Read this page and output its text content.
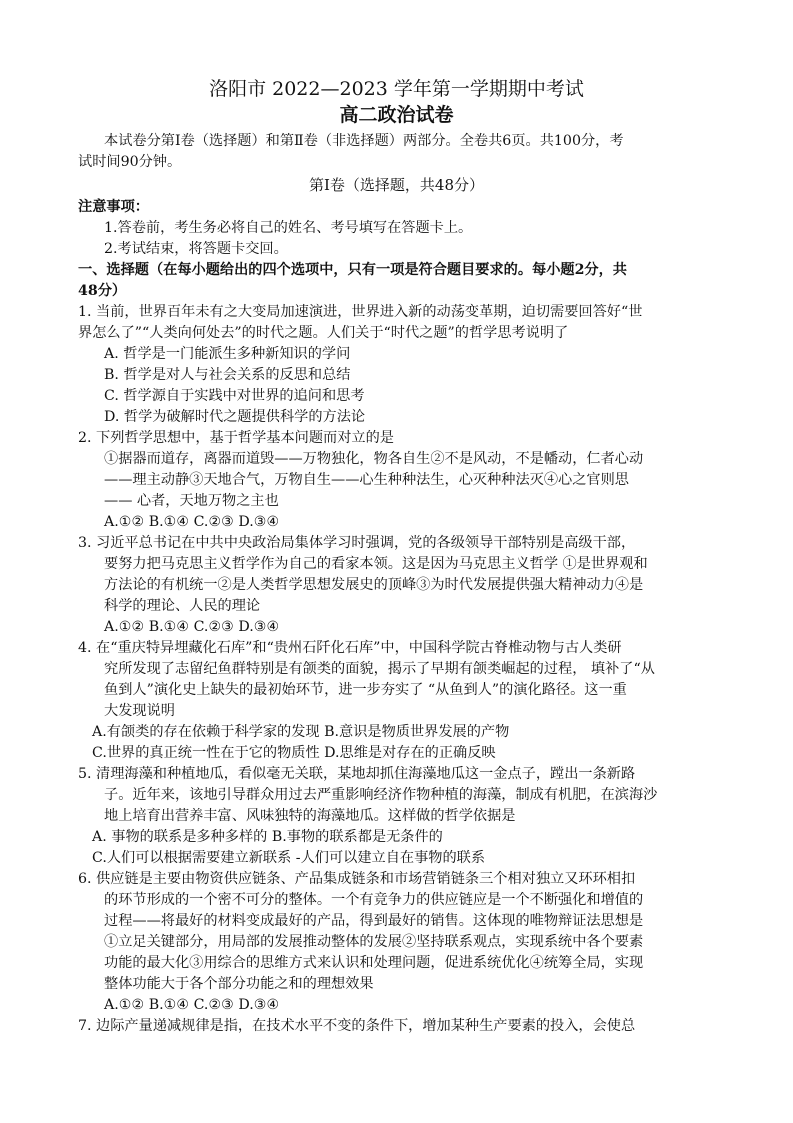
洛阳市 2022—2023 学年第一学期期中考试
高二政治试卷
本试卷分第Ⅰ卷（选择题）和第Ⅱ卷（非选择题）两部分。全卷共6页。共100分，考
试时间90分钟。
第Ⅰ卷（选择题，共48分）
注意事项：
1.答卷前，考生务必将自己的姓名、考号填写在答题卡上。
2.考试结束，将答题卡交回。
一、选择题（在每小题给出的四个选项中，只有一项是符合题目要求的。每小题2分，共
48分）
1. 当前，世界百年未有之大变局加速演进，世界进入新的动荡变革期，迫切需要回答好“世
界怎么了”“人类向何处去”的时代之题。人们关于“时代之题”的哲学思考说明了
A. 哲学是一门能派生多种新知识的学问
B. 哲学是对人与社会关系的反思和总结
C. 哲学源自于实践中对世界的追问和思考
D. 哲学为破解时代之题提供科学的方法论
2. 下列哲学思想中，基于哲学基本问题而对立的是
①据器而道存，离器而道毁——万物独化，物各自生②不是风动，不是幡动，仁者心动
——理主动静③天地合气，万物自生——心生种种法生，心灭种种法灭④心之官则思
—— 心者，天地万物之主也
A.①② B.①④ C.②③ D.③④
3. 习近平总书记在中共中央政治局集体学习时强调，党的各级领导干部特别是高级干部，
要努力把马克思主义哲学作为自己的看家本领。这是因为马克思主义哲学 ①是世界观和
方法论的有机统一②是人类哲学思想发展史的顶峰③为时代发展提供强大精神动力④是
科学的理论、人民的理论
A.①② B.①④ C.②③ D.③④
4. 在“重庆特异埋藏化石库”和“贵州石阡化石库”中，中国科学院古脊椎动物与古人类研
究所发现了志留纪鱼群特别是有颌类的面貌，揭示了早期有颌类崛起的过程， 填补了“从
鱼到人”演化史上缺失的最初始环节，进一步夯实了 “从鱼到人”的演化路径。这一重
大发现说明
A.有颌类的存在依赖于科学家的发现 B.意识是物质世界发展的产物
C.世界的真正统一性在于它的物质性 D.思维是对存在的正确反映
5. 清理海藻和种植地瓜，看似毫无关联，某地却抓住海藻地瓜这一金点子，蹚出一条新路
子。近年来，该地引导群众用过去严重影响经济作物种植的海藻，制成有机肥，在滨海沙
地上培育出营养丰富、风味独特的海藻地瓜。这样做的哲学依据是
A. 事物的联系是多种多样的 B.事物的联系都是无条件的
C.人们可以根据需要建立新联系 -人们可以建立自在事物的联系
6. 供应链是主要由物资供应链条、产品集成链条和市场营销链条三个相对独立又环环相扣
的环节形成的一个密不可分的整体。一个有竞争力的供应链应是一个不断强化和增值的
过程——将最好的材料变成最好的产品，得到最好的销售。这体现的唯物辩证法思想是
①立足关键部分，用局部的发展推动整体的发展②坚持联系观点，实现系统中各个要素
功能的最大化③用综合的思维方式来认识和处理问题，促进系统优化④统筹全局，实现
整体功能大于各个部分功能之和的理想效果
A.①② B.①④ C.②③ D.③④
7. 边际产量递减规律是指，在技术水平不变的条件下，增加某种生产要素的投入，会使总
